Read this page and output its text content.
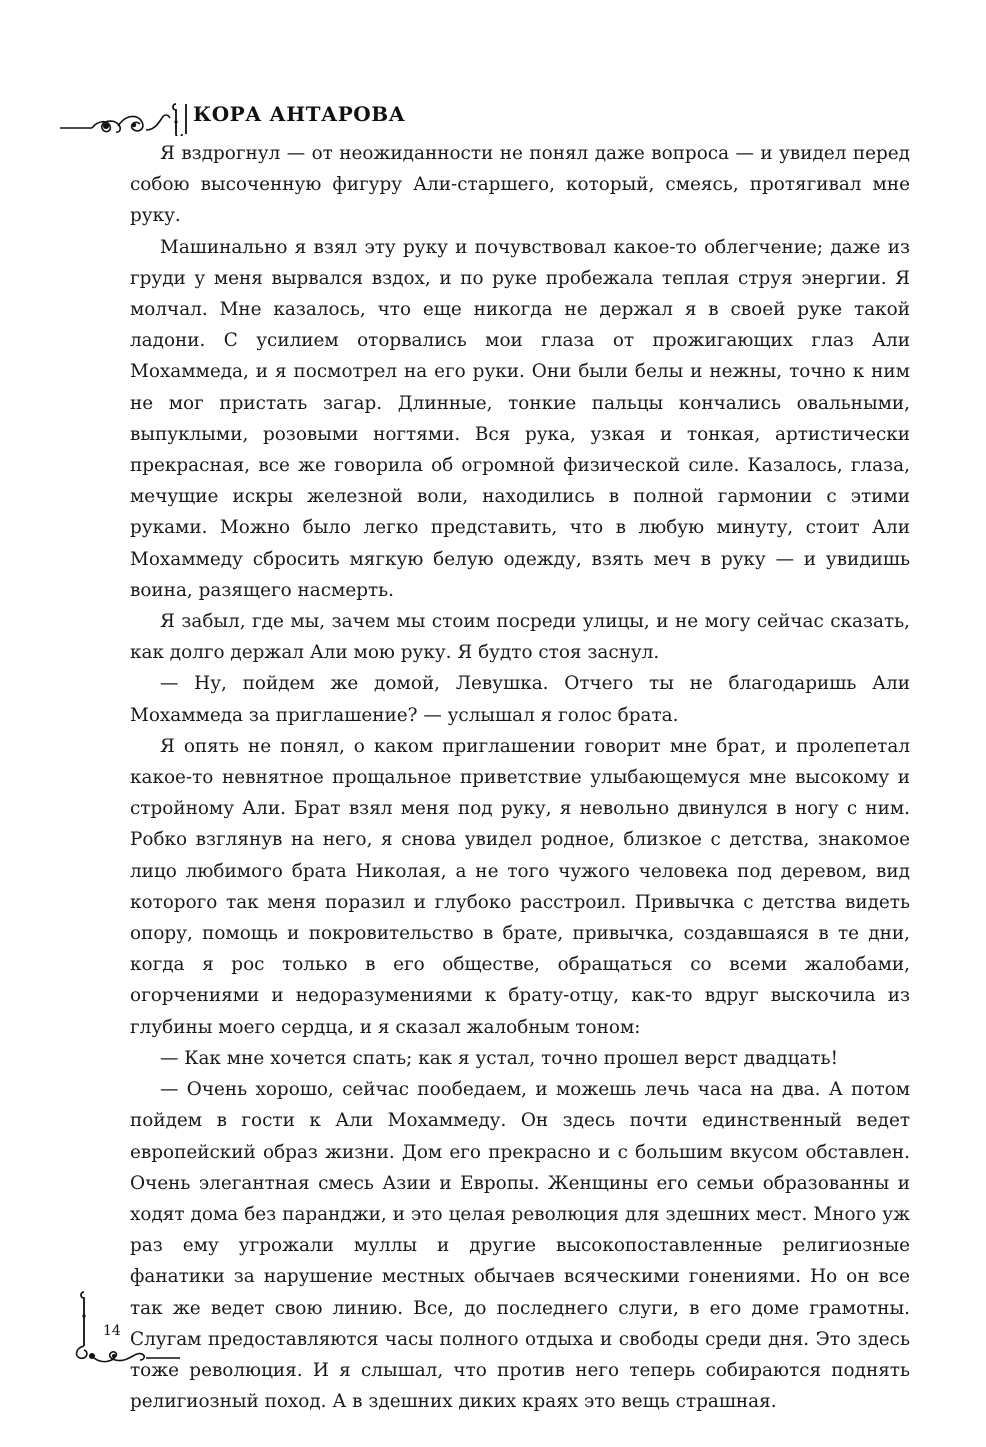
КОРА АНТАРОВА

Я вздрогнул — от неожиданности не понял даже вопроса — и увидел перед собою высоченную фигуру Али-старшего, который, смеясь, протягивал мне руку.

Машинально я взял эту руку и почувствовал какое-то облегчение; даже из груди у меня вырвался вздох, и по руке пробежала теплая струя энергии. Я молчал. Мне казалось, что еще никогда не держал я в своей руке такой ладони. С усилием оторвались мои глаза от прожигающих глаз Али Мохаммеда, и я посмотрел на его руки. Они были белы и нежны, точно к ним не мог пристать загар. Длинные, тонкие пальцы кончались овальными, выпуклыми, розовыми ногтями. Вся рука, узкая и тонкая, артистически прекрасная, все же говорила об огромной физической силе. Казалось, глаза, мечущие искры железной воли, находились в полной гармонии с этими руками. Можно было легко представить, что в любую минуту, стоит Али Мохаммеду сбросить мягкую белую одежду, взять меч в руку — и увидишь воина, разящего насмерть.

Я забыл, где мы, зачем мы стоим посреди улицы, и не могу сейчас сказать, как долго держал Али мою руку. Я будто стоя заснул.

— Ну, пойдем же домой, Левушка. Отчего ты не благодаришь Али Мохаммеда за приглашение? — услышал я голос брата.

Я опять не понял, о каком приглашении говорит мне брат, и пролепетал какое-то невнятное прощальное приветствие улыбающемуся мне высокому и стройному Али. Брат взял меня под руку, я невольно двинулся в ногу с ним. Робко взглянув на него, я снова увидел родное, близкое с детства, знакомое лицо любимого брата Николая, а не того чужого человека под деревом, вид которого так меня поразил и глубоко расстроил. Привычка с детства видеть опору, помощь и покровительство в брате, привычка, создавшаяся в те дни, когда я рос только в его обществе, обращаться со всеми жалобами, огорчениями и недоразумениями к брату-отцу, как-то вдруг выскочила из глубины моего сердца, и я сказал жалобным тоном:

— Как мне хочется спать; как я устал, точно прошел верст двадцать!

— Очень хорошо, сейчас пообедаем, и можешь лечь часа на два. А потом пойдем в гости к Али Мохаммеду. Он здесь почти единственный ведет европейский образ жизни. Дом его прекрасно и с большим вкусом обставлен. Очень элегантная смесь Азии и Европы. Женщины его семьи образованны и ходят дома без паранджи, и это целая революция для здешних мест. Много уж раз ему угрожали муллы и другие высокопоставленные религиозные фанатики за нарушение местных обычаев всяческими гонениями. Но он все так же ведет свою линию. Все, до последнего слуги, в его доме грамотны. Слугам предоставляются часы полного отдыха и свободы среди дня. Это здесь тоже революция. И я слышал, что против него теперь собираются поднять религиозный поход. А в здешних диких краях это вещь страшная.

14
